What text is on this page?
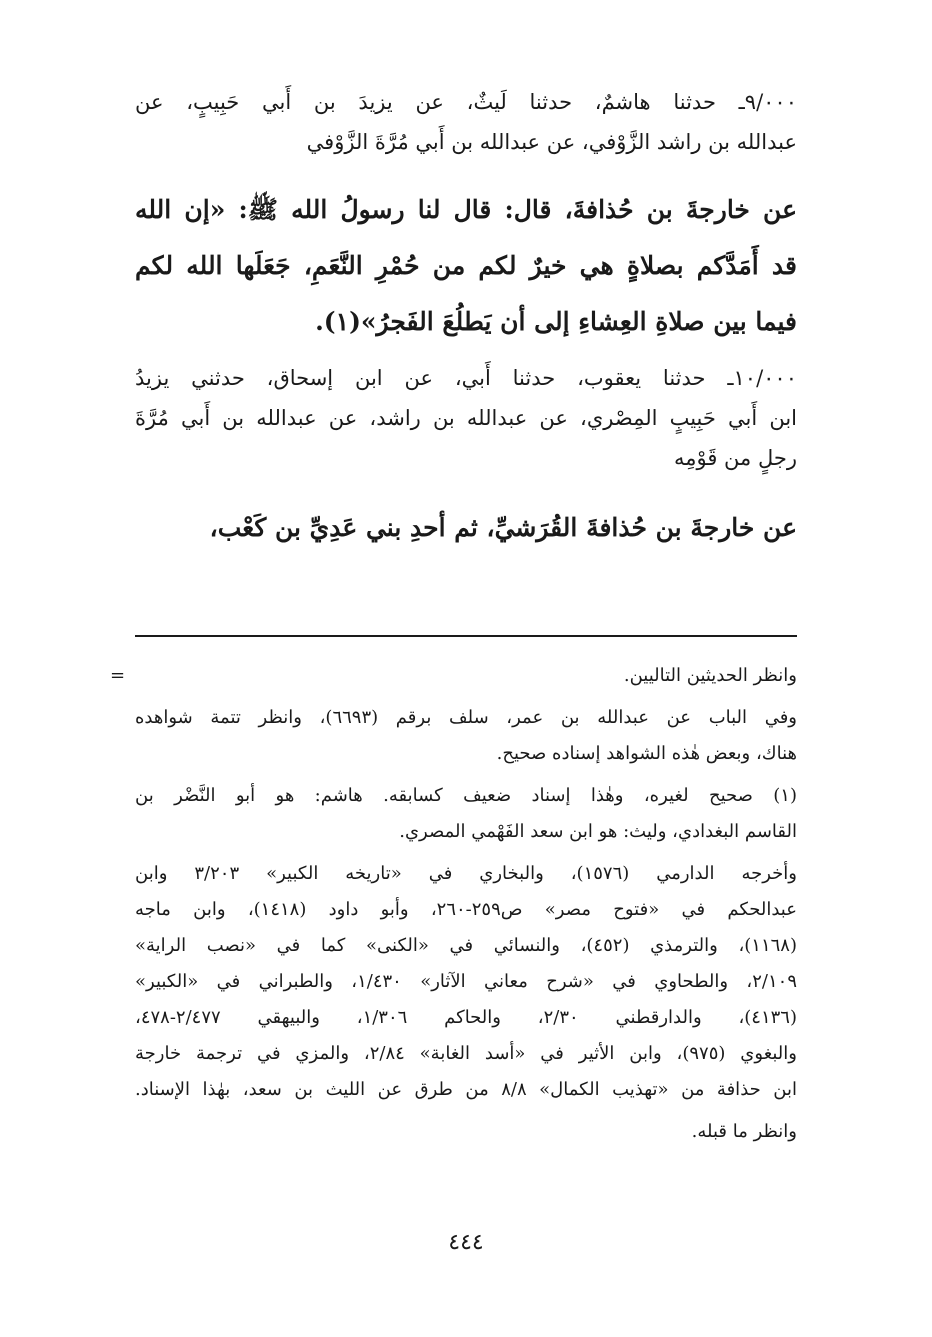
٩/٠٠٠ـ حدثنا هاشمٌ، حدثنا لَيثٌ، عن يزيدَ بن أَبي حَبِيبٍ، عن
عبدالله بن راشد الزَّوْفي، عن عبدالله بن أَبي مُرَّةَ الزَّوْفي
عن خارجةَ بن حُذافةَ، قال: قال لنا رسولُ الله ﷺ: «إن الله
قد أَمَدَّكم بصلاةٍ هي خيرٌ لكم من حُمْرِ النَّعَمِ، جَعَلَها الله لكم
فيما بين صلاةِ العِشاءِ إلى أن يَطلُعَ الفَجرُ»(١).
١٠/٠٠٠ـ حدثنا يعقوب، حدثنا أَبي، عن ابن إسحاق، حدثني يزيدُ
ابن أَبي حَبِيبٍ المِصْري، عن عبدالله بن راشد، عن عبدالله بن أَبي مُرَّةَ
رجلٍ من قَوْمِه
عن خارجةَ بن حُذافةَ القُرَشيِّ، ثم أحدِ بني عَدِيِّ بن كَعْب،
=	وانظر الحديثين التاليين.
وفي الباب عن عبدالله بن عمر، سلف برقم (٦٦٩٣)، وانظر تتمة شواهده
هناك، وبعض هٰذه الشواهد إسناده صحيح.
(١) صحيح لغيره، وهٰذا إسناد ضعيف كسابقه. هاشم: هو أبو النَّضْر بن
القاسم البغدادي، وليث: هو ابن سعد الفَهْمي المصري.
وأخرجه الدارمي (١٥٧٦)، والبخاري في «تاريخه الكبير» ٣/٢٠٣ وابن
عبدالحكم في «فتوح مصر» ص٢٥٩-٢٦٠، وأبو داود (١٤١٨)، وابن ماجه
(١١٦٨)، والترمذي (٤٥٢)، والنسائي في «الكنى» كما في «نصب الراية»
٢/١٠٩، والطحاوي في «شرح معاني الآثار» ١/٤٣٠، والطبراني في «الكبير»
(٤١٣٦)، والدارقطني ٢/٣٠، والحاكم ١/٣٠٦، والبيهقي ٢/٤٧٧-٤٧٨،
والبغوي (٩٧٥)، وابن الأثير في «أسد الغابة» ٢/٨٤، والمزي في ترجمة خارجة
ابن حذافة من «تهذيب الكمال» ٨/٨ من طرق عن الليث بن سعد، بهٰذا الإسناد.
وانظر ما قبله.
٤٤٤
